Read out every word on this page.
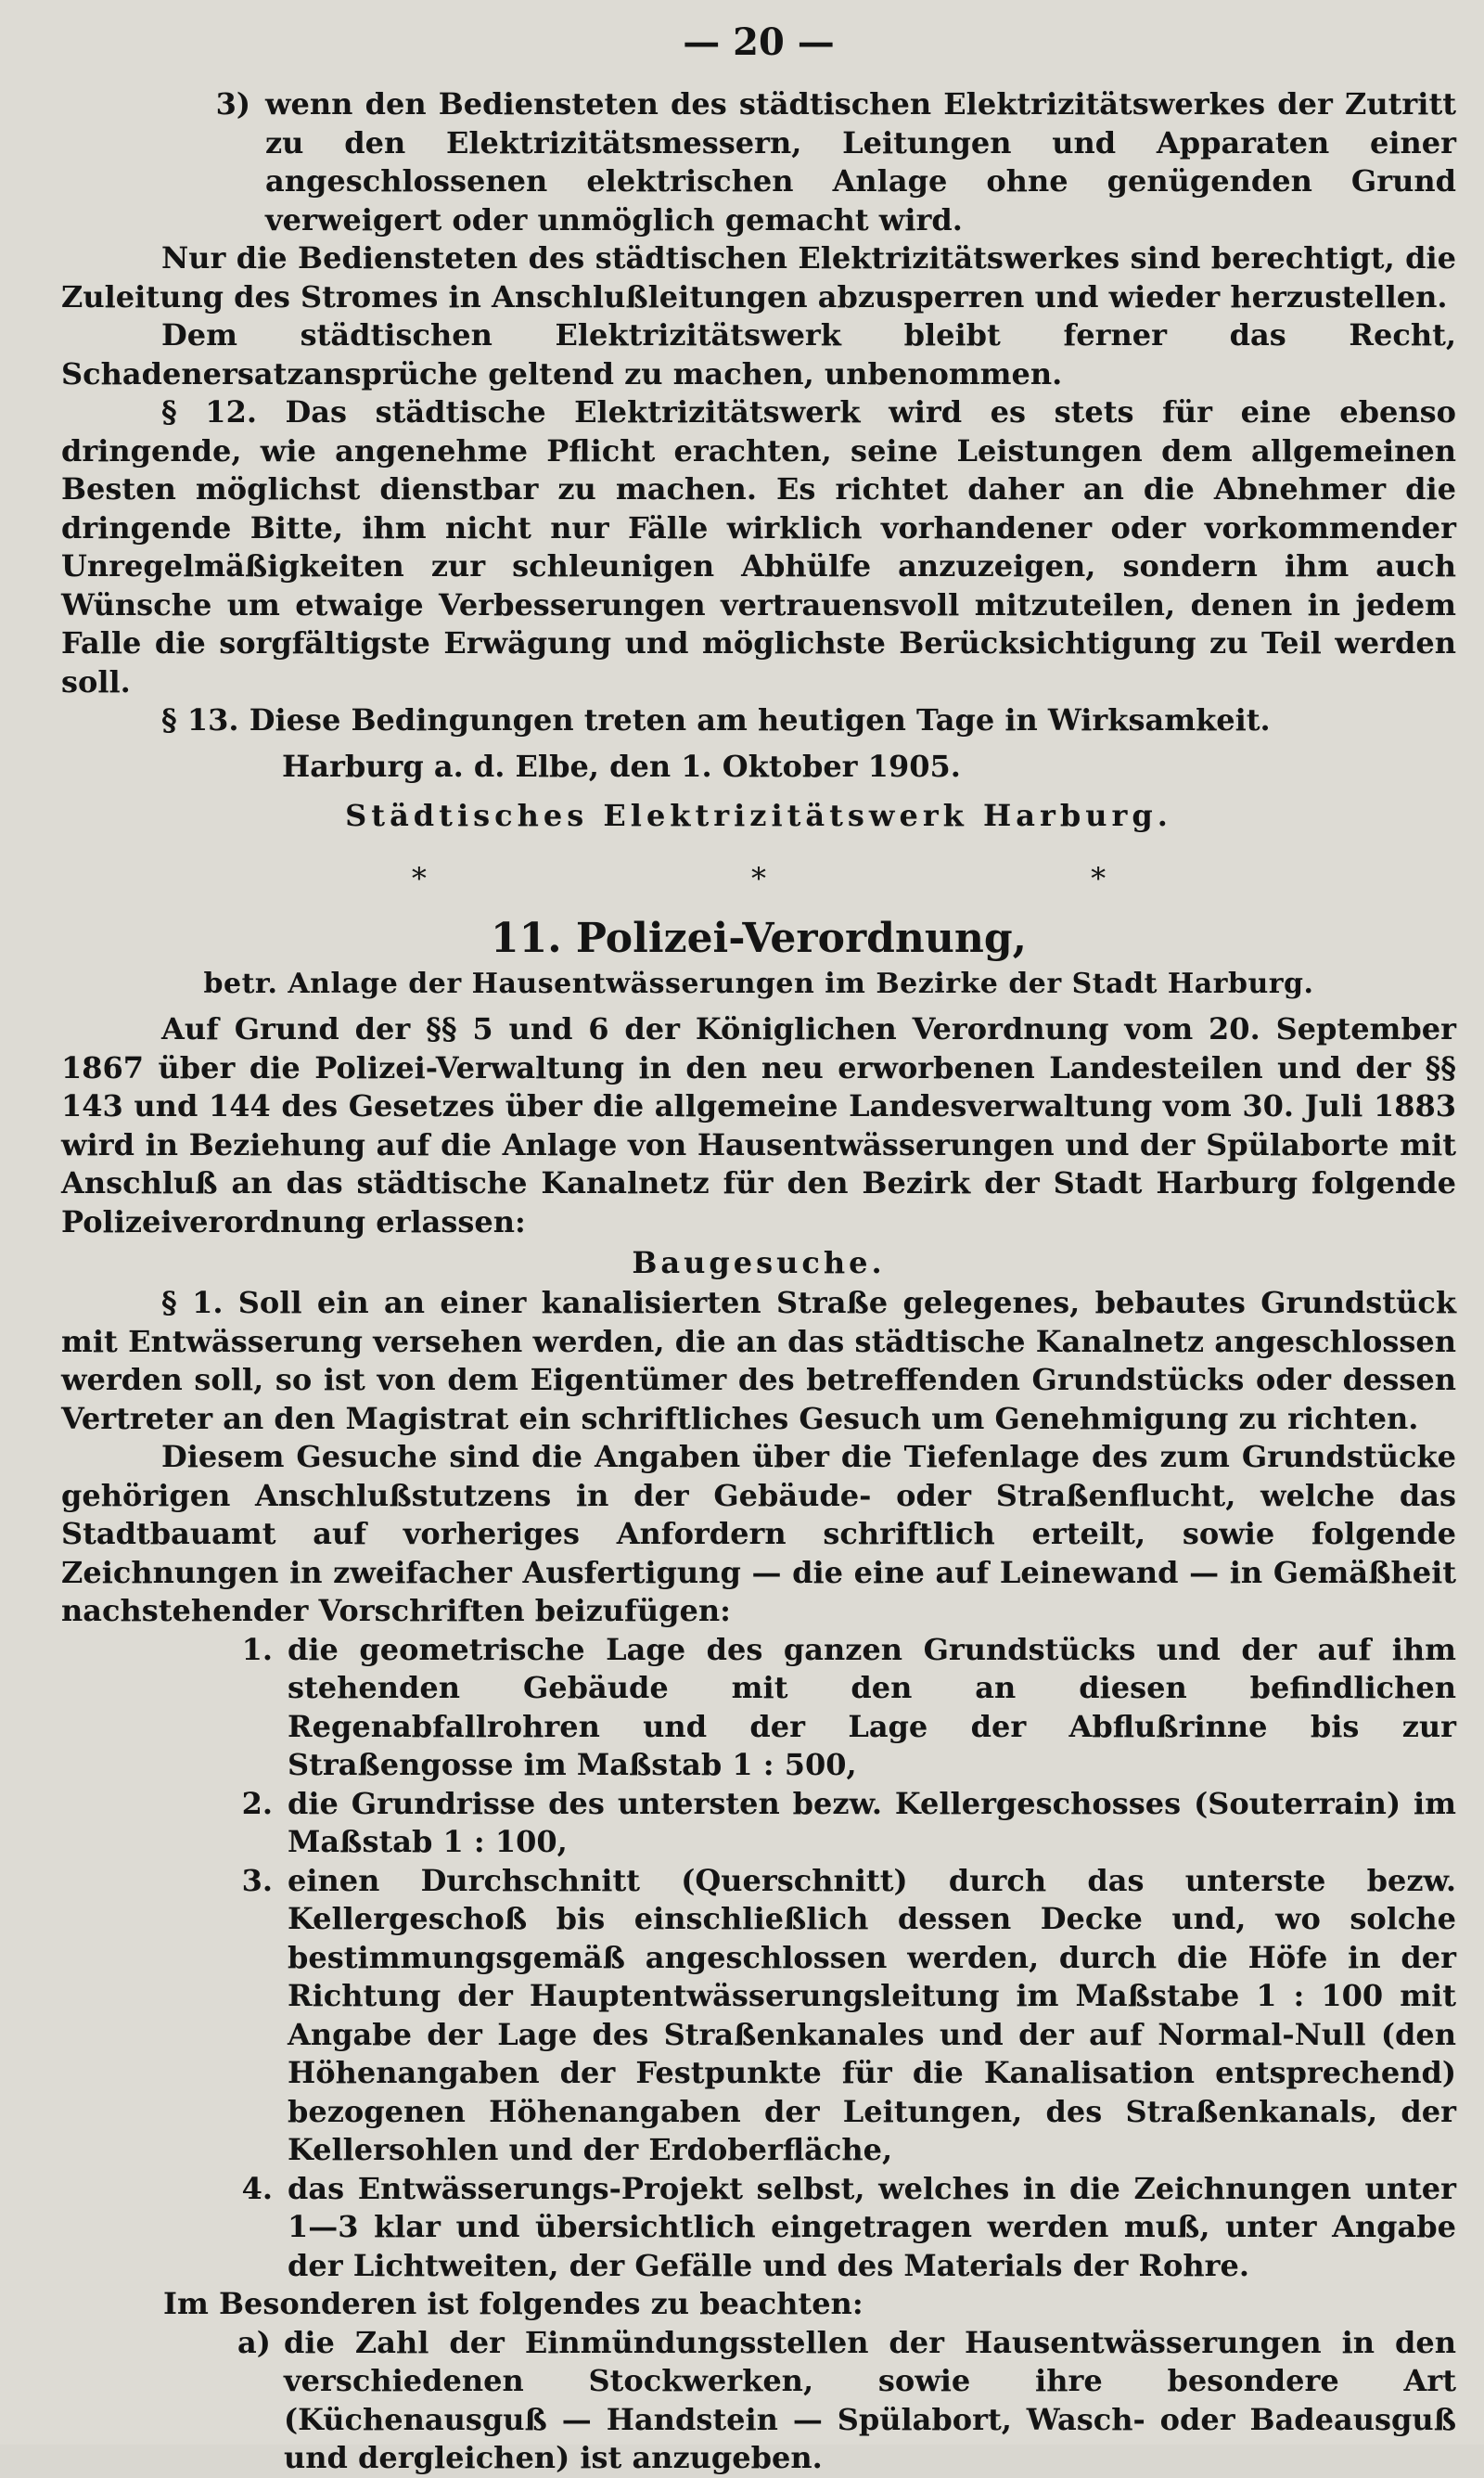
— 20 —
3) wenn den Bediensteten des städtischen Elektrizitätswerkes der Zutritt zu den Elektrizitätsmessern, Leitungen und Apparaten einer angeschlossenen elektrischen Anlage ohne genügenden Grund verweigert oder unmöglich gemacht wird.

Nur die Bediensteten des städtischen Elektrizitätswerkes sind berechtigt, die Zuleitung des Stromes in Anschlußleitungen abzusperren und wieder herzustellen.

Dem städtischen Elektrizitätswerk bleibt ferner das Recht, Schadenersatzansprüche geltend zu machen, unbenommen.

§ 12. Das städtische Elektrizitätswerk wird es stets für eine ebenso dringende, wie angenehme Pflicht erachten, seine Leistungen dem allgemeinen Besten möglichst dienstbar zu machen. Es richtet daher an die Abnehmer die dringende Bitte, ihm nicht nur Fälle wirklich vorhandener oder vorkommender Unregelmäßigkeiten zur schleunigen Abhülfe anzuzeigen, sondern ihm auch Wünsche um etwaige Verbesserungen vertrauensvoll mitzuteilen, denen in jedem Falle die sorgfältigste Erwägung und möglichste Berücksichtigung zu Teil werden soll.

§ 13. Diese Bedingungen treten am heutigen Tage in Wirksamkeit.

Harburg a. d. Elbe, den 1. Oktober 1905.

Städtisches Elektrizitätswerk Harburg.
* * *
11. Polizei-Verordnung,
betr. Anlage der Hausentwässerungen im Bezirke der Stadt Harburg.

Auf Grund der §§ 5 und 6 der Königlichen Verordnung vom 20. September 1867 über die Polizei-Verwaltung in den neu erworbenen Landesteilen und der §§ 143 und 144 des Gesetzes über die allgemeine Landesverwaltung vom 30. Juli 1883 wird in Beziehung auf die Anlage von Hausentwässerungen und der Spülaborte mit Anschluß an das städtische Kanalnetz für den Bezirk der Stadt Harburg folgende Polizeiverordnung erlassen:

Baugesuche.

§ 1. Soll ein an einer kanalisierten Straße gelegenes, bebautes Grundstück mit Entwässerung versehen werden, die an das städtische Kanalnetz angeschlossen werden soll, so ist von dem Eigentümer des betreffenden Grundstücks oder dessen Vertreter an den Magistrat ein schriftliches Gesuch um Genehmigung zu richten.

Diesem Gesuche sind die Angaben über die Tiefenlage des zum Grundstücke gehörigen Anschlußstutzens in der Gebäude- oder Straßenflucht, welche das Stadtbauamt auf vorheriges Anfordern schriftlich erteilt, sowie folgende Zeichnungen in zweifacher Ausfertigung — die eine auf Leinewand — in Gemäßheit nachstehender Vorschriften beizufügen:

1. die geometrische Lage des ganzen Grundstücks und der auf ihm stehenden Gebäude mit den an diesen befindlichen Regenabfallrohren und der Lage der Abflußrinne bis zur Straßengosse im Maßstab 1 : 500,
2. die Grundrisse des untersten bezw. Kellergeschosses (Souterrain) im Maßstab 1 : 100,
3. einen Durchschnitt (Querschnitt) durch das unterste bezw. Kellergeschoß bis einschließlich dessen Decke und, wo solche bestimmungsgemäß angeschlossen werden, durch die Höfe in der Richtung der Hauptentwässerungsleitung im Maßstabe 1 : 100 mit Angabe der Lage des Straßenkanales und der auf Normal-Null (den Höhenangaben der Festpunkte für die Kanalisation entsprechend) bezogenen Höhenangaben der Leitungen, des Straßenkanals, der Kellersohlen und der Erdoberfläche,
4. das Entwässerungs-Projekt selbst, welches in die Zeichnungen unter 1—3 klar und übersichtlich eingetragen werden muß, unter Angabe der Lichtweiten, der Gefälle und des Materials der Rohre.

Im Besonderen ist folgendes zu beachten:

a) die Zahl der Einmündungsstellen der Hausentwässerungen in den verschiedenen Stockwerken, sowie ihre besondere Art (Küchenausguß — Handstein — Spülabort, Wasch- oder Badeausguß und dergleichen) ist anzugeben.
